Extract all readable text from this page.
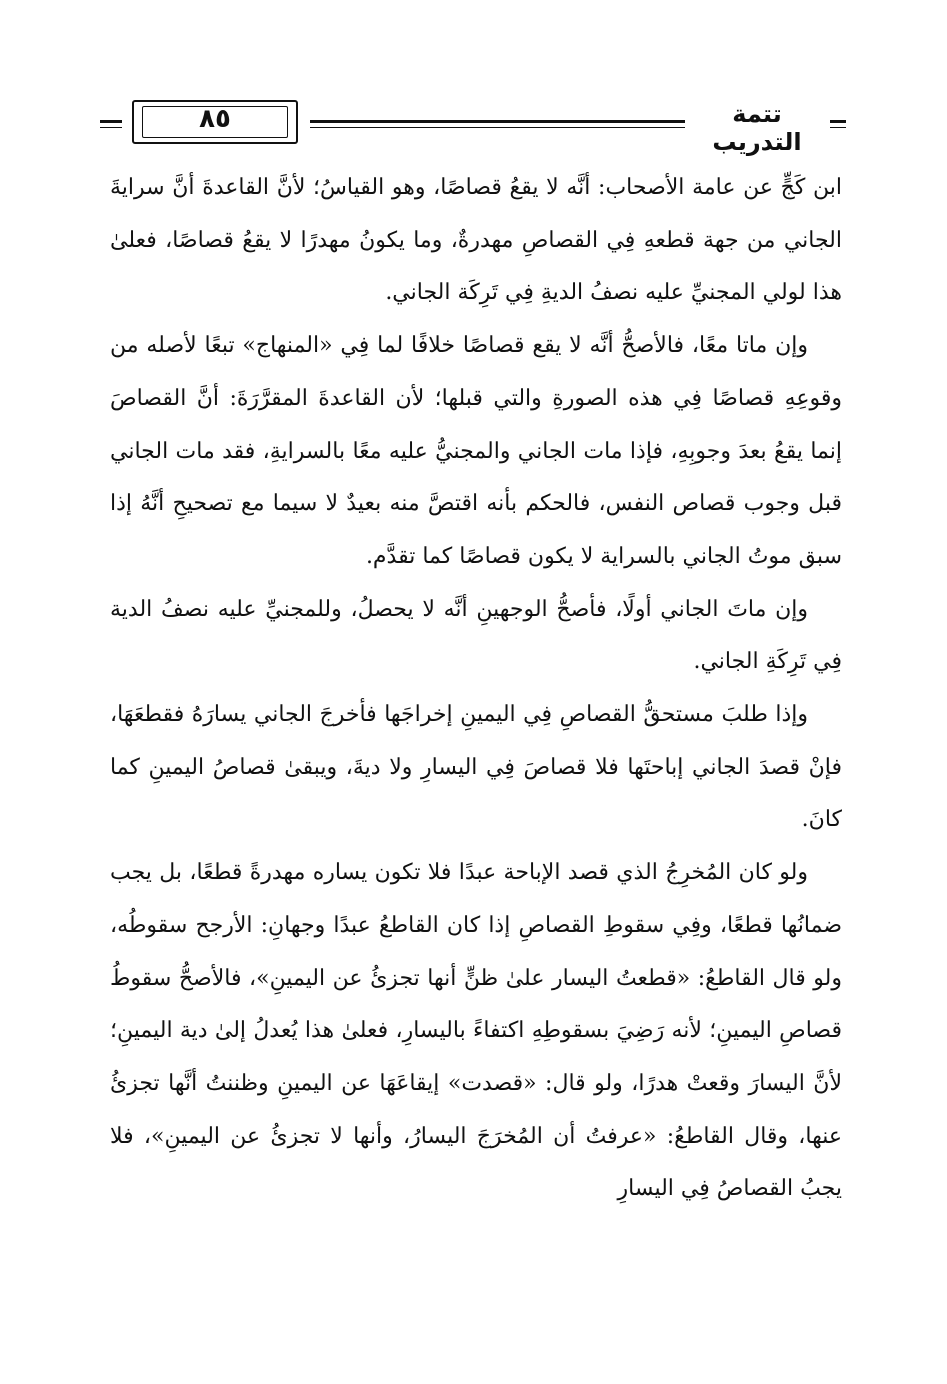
٨٥	تتمة التدريب

ابن كَجٍّ عن عامة الأصحاب: أنَّه لا يقعُ قصاصًا، وهو القياسُ؛ لأنَّ القاعدةَ أنَّ سرايةَ الجاني من جهة قطعهِ فِي القصاصِ مهدرةٌ، وما يكونُ مهدرًا لا يقعُ قصاصًا، فعلىٰ هذا لولي المجنيِّ عليه نصفُ الديةِ فِي تَرِكَة الجاني.

وإن ماتا معًا، فالأصحُّ أنَّه لا يقع قصاصًا خلافًا لما فِي «المنهاج» تبعًا لأصله من وقوعِهِ قصاصًا فِي هذه الصورةِ والتي قبلها؛ لأن القاعدةَ المقرَّرَةَ: أنَّ القصاصَ إنما يقعُ بعدَ وجوبِهِ، فإذا مات الجاني والمجنيُّ عليه معًا بالسرايةِ، فقد مات الجاني قبل وجوب قصاص النفس، فالحكم بأنه اقتصَّ منه بعيدٌ لا سيما مع تصحيحِ أنَّهُ إذا سبق موتُ الجاني بالسراية لا يكون قصاصًا كما تقدَّم.

وإن ماتَ الجاني أولًا، فأصحُّ الوجهينِ أنَّه لا يحصلُ، وللمجنيِّ عليه نصفُ الدية فِي تَرِكَةِ الجاني.

وإذا طلبَ مستحقُّ القصاصِ فِي اليمينِ إخراجَها فأخرجَ الجاني يسارَهُ فقطعَهَا، فإنْ قصدَ الجاني إباحتَها فلا قصاصَ فِي اليسارِ ولا ديةَ، ويبقىٰ قصاصُ اليمينِ كما كانَ.

ولو كان المُخرِجُ الذي قصد الإباحة عبدًا فلا تكون يساره مهدرةً قطعًا، بل يجب ضمانُها قطعًا، وفِي سقوطِ القصاصِ إذا كان القاطعُ عبدًا وجهانِ: الأرجح سقوطُه، ولو قال القاطعُ: «قطعتُ اليسار علىٰ ظنٍّ أنها تجزئُ عن اليمينِ»، فالأصحُّ سقوطُ قصاصِ اليمينِ؛ لأنه رَضِيَ بسقوطِهِ اكتفاءً باليسارِ، فعلىٰ هذا يُعدلُ إلىٰ دية اليمينِ؛ لأنَّ اليسارَ وقعتْ هدرًا، ولو قال: «قصدت» إيقاعَهَا عن اليمينِ وظننتُ أنَّها تجزئُ عنها، وقال القاطعُ: «عرفتُ أن المُخرَجَ اليسارُ، وأنها لا تجزئُ عن اليمينِ»، فلا يجبُ القصاصُ فِي اليسارِ
